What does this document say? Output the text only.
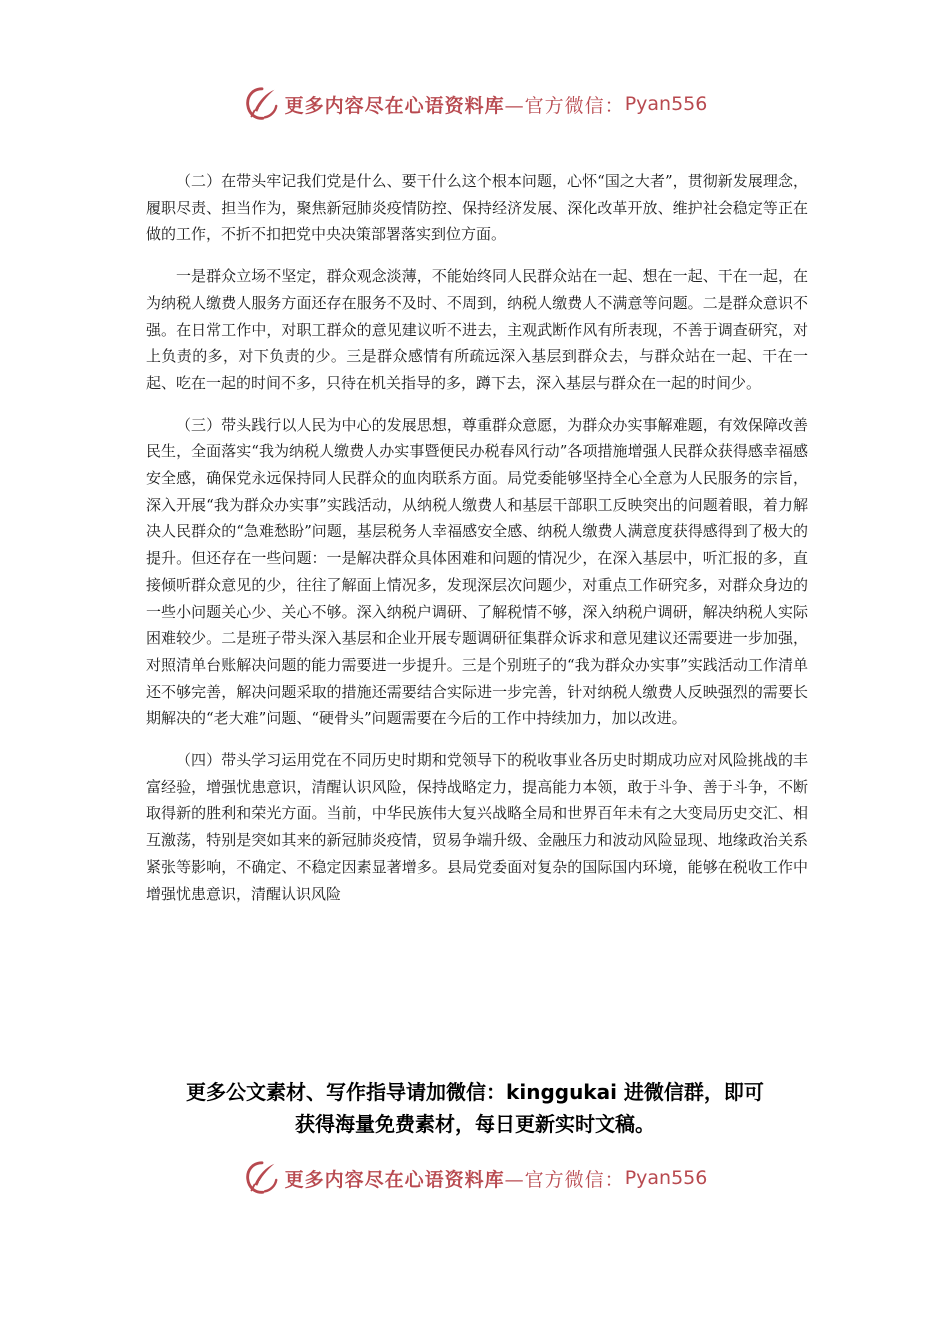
更多内容尽在心语资料库 —官方微信： Pyan556

（二）在带头牢记我们党是什么、要干什么这个根本问题，心怀“国之大者”，贯彻新发展理念，履职尽责、担当作为，聚焦新冠肺炎疫情防控、保持经济发展、深化改革开放、维护社会稳定等正在做的工作，不折不扣把党中央决策部署落实到位方面。

一是群众立场不坚定，群众观念淡薄，不能始终同人民群众站在一起、想在一起、干在一起，在为纳税人缴费人服务方面还存在服务不及时、不周到，纳税人缴费人不满意等问题。二是群众意识不强。在日常工作中，对职工群众的意见建议听不进去，主观武断作风有所表现，不善于调查研究，对上负责的多，对下负责的少。三是群众感情有所疏远深入基层到群众去，与群众站在一起、干在一起、吃在一起的时间不多，只待在机关指导的多，蹲下去，深入基层与群众在一起的时间少。

（三）带头践行以人民为中心的发展思想，尊重群众意愿，为群众办实事解难题，有效保障改善民生，全面落实“我为纳税人缴费人办实事暨便民办税春风行动”各项措施增强人民群众获得感幸福感安全感，确保党永远保持同人民群众的血肉联系方面。局党委能够坚持全心全意为人民服务的宗旨，深入开展“我为群众办实事”实践活动，从纳税人缴费人和基层干部职工反映突出的问题着眼，着力解决人民群众的“急难愁盼”问题，基层税务人幸福感安全感、纳税人缴费人满意度获得感得到了极大的提升。但还存在一些问题：一是解决群众具体困难和问题的情况少，在深入基层中，听汇报的多，直接倾听群众意见的少，往往了解面上情况多，发现深层次问题少，对重点工作研究多，对群众身边的一些小问题关心少、关心不够。深入纳税户调研、了解税情不够，深入纳税户调研，解决纳税人实际困难较少。二是班子带头深入基层和企业开展专题调研征集群众诉求和意见建议还需要进一步加强，对照清单台账解决问题的能力需要进一步提升。三是个别班子的“我为群众办实事”实践活动工作清单还不够完善，解决问题采取的措施还需要结合实际进一步完善，针对纳税人缴费人反映强烈的需要长期解决的“老大难”问题、“硬骨头”问题需要在今后的工作中持续加力，加以改进。

（四）带头学习运用党在不同历史时期和党领导下的税收事业各历史时期成功应对风险挑战的丰富经验，增强忧患意识，清醒认识风险，保持战略定力，提高能力本领，敢于斗争、善于斗争，不断取得新的胜利和荣光方面。当前，中华民族伟大复兴战略全局和世界百年未有之大变局历史交汇、相互激荡，特别是突如其来的新冠肺炎疫情，贸易争端升级、金融压力和波动风险显现、地缘政治关系紧张等影响，不确定、不稳定因素显著增多。县局党委面对复杂的国际国内环境，能够在税收工作中增强忧患意识，清醒认识风险

更多公文素材、写作指导请加微信：kinggukai 进微信群，即可
获得海量免费素材，每日更新实时文稿。
更多内容尽在心语资料库 —官方微信： Pyan556
